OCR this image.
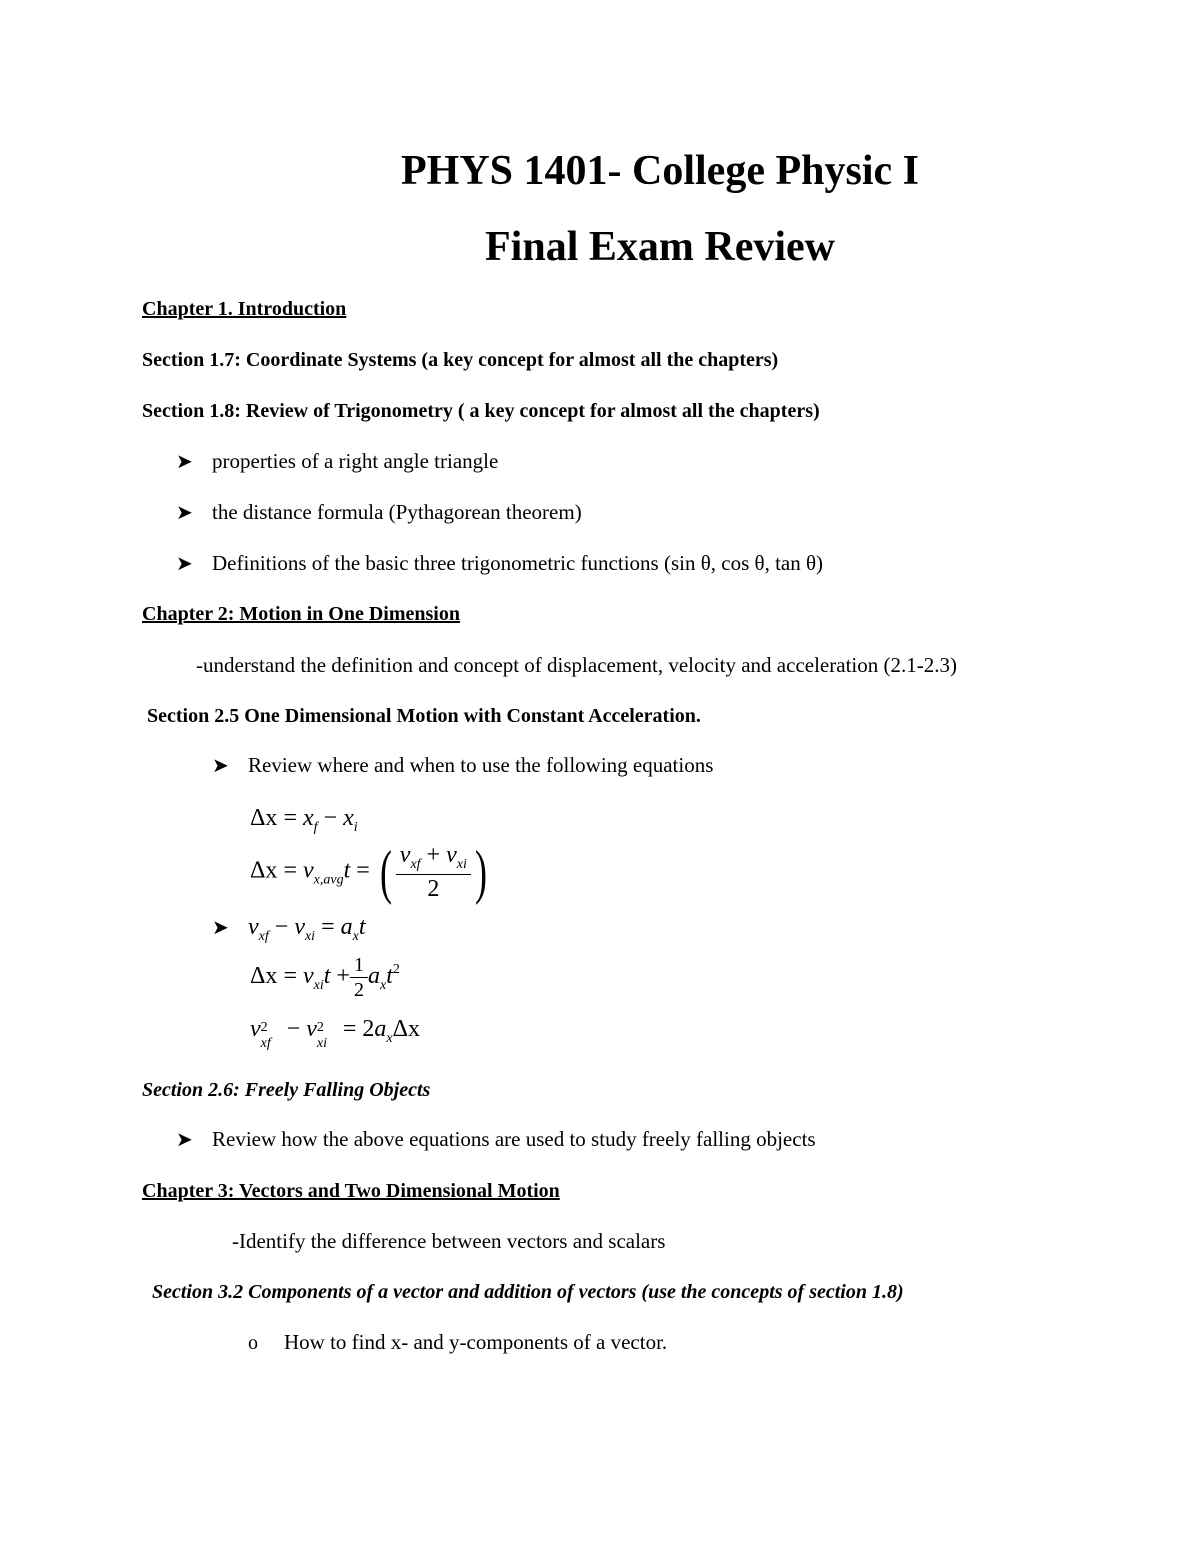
PHYS 1401- College Physic I
Final Exam Review
Chapter 1. Introduction
Section 1.7: Coordinate Systems (a key concept for almost all the chapters)
Section 1.8: Review of Trigonometry ( a key concept for almost all the chapters)
➤ properties of a right angle triangle
➤ the distance formula (Pythagorean theorem)
➤ Definitions of the basic three trigonometric functions (sin θ, cos θ, tan θ)
Chapter 2: Motion in One Dimension
-understand the definition and concept of displacement, velocity and acceleration (2.1-2.3)
Section 2.5 One Dimensional Motion with Constant Acceleration.
➤ Review where and when to use the following equations
$\Delta x = x_f - x_i$
$\Delta x = v_{x,avg}t$ = ( $\frac{v_{xf} + v_{xi}}{2}$ )
➤ $v_{xf} - v_{xi} = a_xt$
$\Delta x = v_{xi}t + \frac{1}{2} a_xt^2$
v 2
xf
− v 2
xi
= $2a_x\Delta x$
Section 2.6: Freely Falling Objects
➤ Review how the above equations are used to study freely falling objects
Chapter 3: Vectors and Two Dimensional Motion
-Identify the difference between vectors and scalars
Section 3.2 Components of a vector and addition of vectors (use the concepts of section 1.8)
o	How to find x- and y-components of a vector.
